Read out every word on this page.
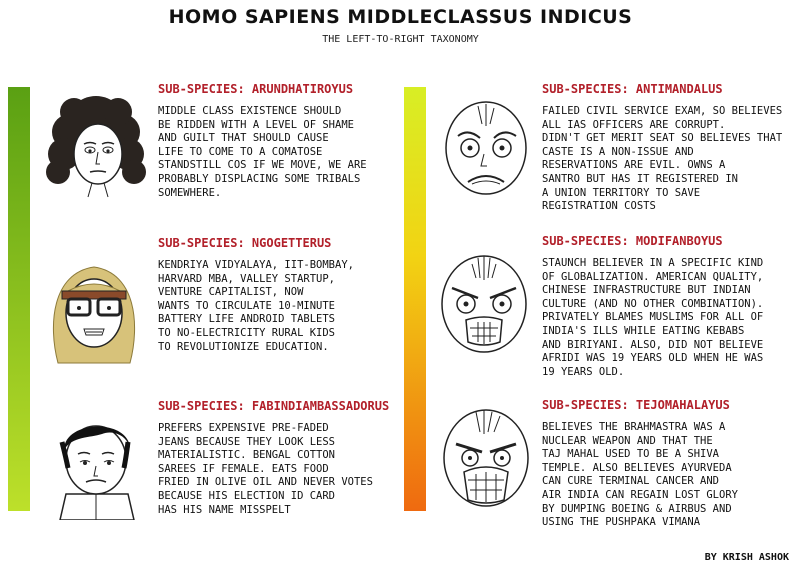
HOMO SAPIENS MIDDLECLASSUS INDICUS
THE LEFT-TO-RIGHT TAXONOMY
SUB-SPECIES: ARUNDHATIROYUS
MIDDLE CLASS EXISTENCE SHOULD
BE RIDDEN WITH A LEVEL OF SHAME
AND GUILT THAT SHOULD CAUSE
LIFE TO COME TO A COMATOSE
STANDSTILL COS IF WE MOVE, WE ARE
PROBABLY DISPLACING SOME TRIBALS
SOMEWHERE.
SUB-SPECIES: NGOGETTERUS
KENDRIYA VIDYALAYA, IIT-BOMBAY,
HARVARD MBA, VALLEY STARTUP,
VENTURE CAPITALIST, NOW
WANTS TO CIRCULATE 10-MINUTE
BATTERY LIFE ANDROID TABLETS
TO NO-ELECTRICITY RURAL KIDS
TO REVOLUTIONIZE EDUCATION.
SUB-SPECIES: FABINDIAMBASSADORUS
PREFERS EXPENSIVE PRE-FADED
JEANS BECAUSE THEY LOOK LESS
MATERIALISTIC. BENGAL COTTON
SAREES IF FEMALE. EATS FOOD
FRIED IN OLIVE OIL AND NEVER VOTES
BECAUSE HIS ELECTION ID CARD
HAS HIS NAME MISSPELT
SUB-SPECIES: ANTIMANDALUS
FAILED CIVIL SERVICE EXAM, SO BELIEVES
ALL IAS OFFICERS ARE CORRUPT.
DIDN'T GET MERIT SEAT SO BELIEVES THAT
CASTE IS A NON-ISSUE AND
RESERVATIONS ARE EVIL. OWNS A
SANTRO BUT HAS IT REGISTERED IN
A UNION TERRITORY TO SAVE
REGISTRATION COSTS
SUB-SPECIES: MODIFANBOYUS
STAUNCH BELIEVER IN A SPECIFIC KIND
OF GLOBALIZATION. AMERICAN QUALITY,
CHINESE INFRASTRUCTURE BUT INDIAN
CULTURE (AND NO OTHER COMBINATION).
PRIVATELY BLAMES MUSLIMS FOR ALL OF
INDIA'S ILLS WHILE EATING KEBABS
AND BIRIYANI. ALSO, DID NOT BELIEVE
AFRIDI WAS 19 YEARS OLD WHEN HE WAS
19 YEARS OLD.
SUB-SPECIES: TEJOMAHALAYUS
BELIEVES THE BRAHMASTRA WAS A
NUCLEAR WEAPON AND THAT THE
TAJ MAHAL USED TO BE A SHIVA
TEMPLE. ALSO BELIEVES AYURVEDA
CAN CURE TERMINAL CANCER AND
AIR INDIA CAN REGAIN LOST GLORY
BY DUMPING BOEING & AIRBUS AND
USING THE PUSHPAKA VIMANA
BY KRISH ASHOK
